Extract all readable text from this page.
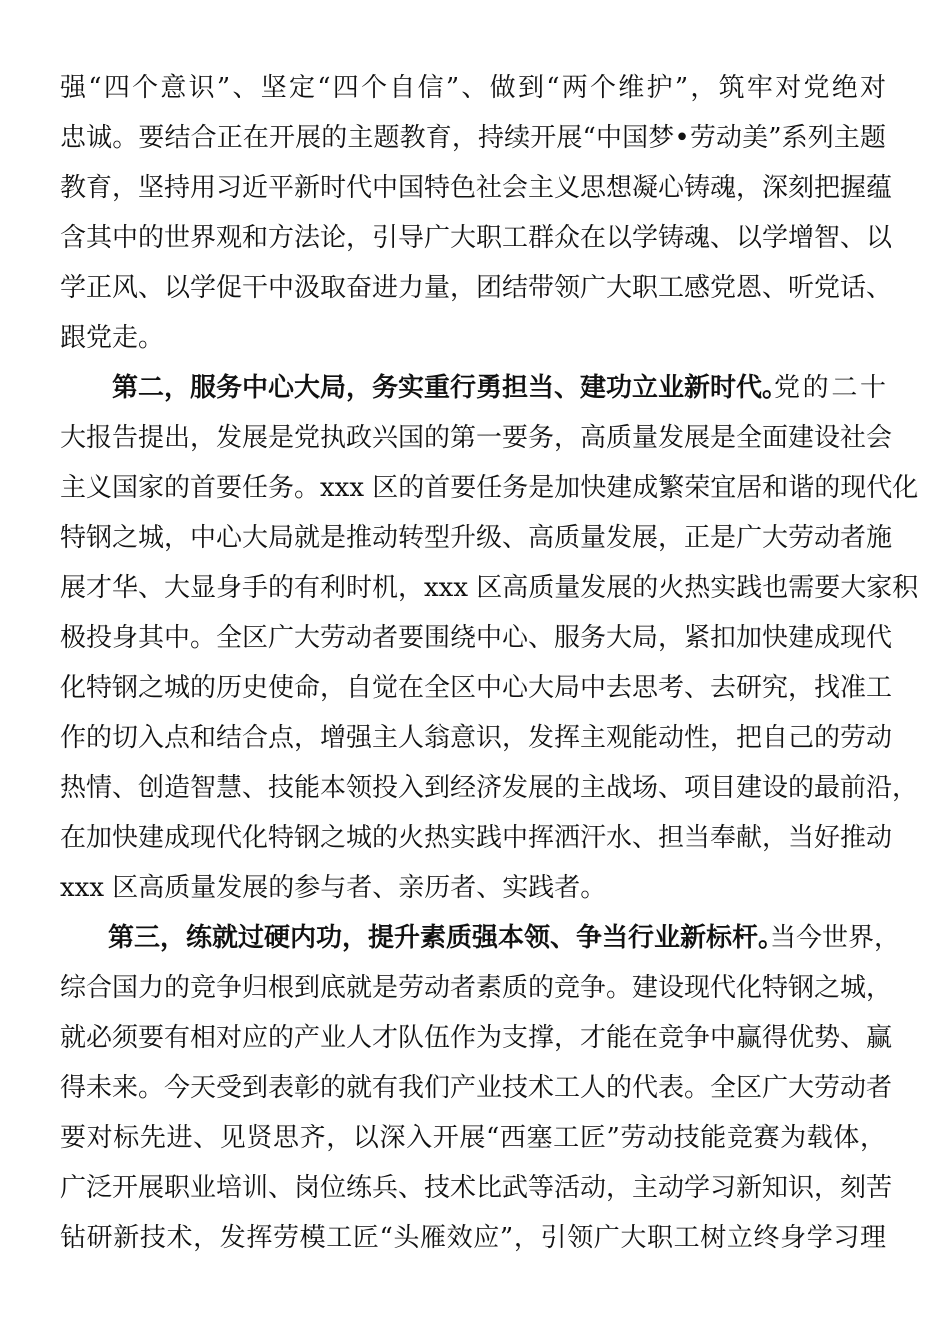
强“四个意识”、坚定“四个自信”、做到“两个维护”，筑牢对党绝对
忠诚。要结合正在开展的主题教育，持续开展“中国梦•劳动美”系列主题
教育，坚持用习近平新时代中国特色社会主义思想凝心铸魂，深刻把握蕴
含其中的世界观和方法论，引导广大职工群众在以学铸魂、以学增智、以
学正风、以学促干中汲取奋进力量，团结带领广大职工感党恩、听党话、
跟党走。
第二，服务中心大局，务实重行勇担当、建功立业新时代。
党的二十
大报告提出，发展是党执政兴国的第一要务，高质量发展是全面建设社会
主义国家的首要任务。xxx 区的首要任务是加快建成繁荣宜居和谐的现代化
特钢之城，中心大局就是推动转型升级、高质量发展，正是广大劳动者施
展才华、大显身手的有利时机，xxx 区高质量发展的火热实践也需要大家积
极投身其中。全区广大劳动者要围绕中心、服务大局，紧扣加快建成现代
化特钢之城的历史使命，自觉在全区中心大局中去思考、去研究，找准工
作的切入点和结合点，增强主人翁意识，发挥主观能动性，把自己的劳动
热情、创造智慧、技能本领投入到经济发展的主战场、项目建设的最前沿，
在加快建成现代化特钢之城的火热实践中挥洒汗水、担当奉献，当好推动
xxx 区高质量发展的参与者、亲历者、实践者。
第三，练就过硬内功，提升素质强本领、争当行业新标杆。
当今世界，
综合国力的竞争归根到底就是劳动者素质的竞争。建设现代化特钢之城，
就必须要有相对应的产业人才队伍作为支撑，才能在竞争中赢得优势、赢
得未来。今天受到表彰的就有我们产业技术工人的代表。全区广大劳动者
要对标先进、见贤思齐，以深入开展“西塞工匠”劳动技能竞赛为载体，
广泛开展职业培训、岗位练兵、技术比武等活动，主动学习新知识，刻苦
钻研新技术，发挥劳模工匠“头雁效应”，引领广大职工树立终身学习理
